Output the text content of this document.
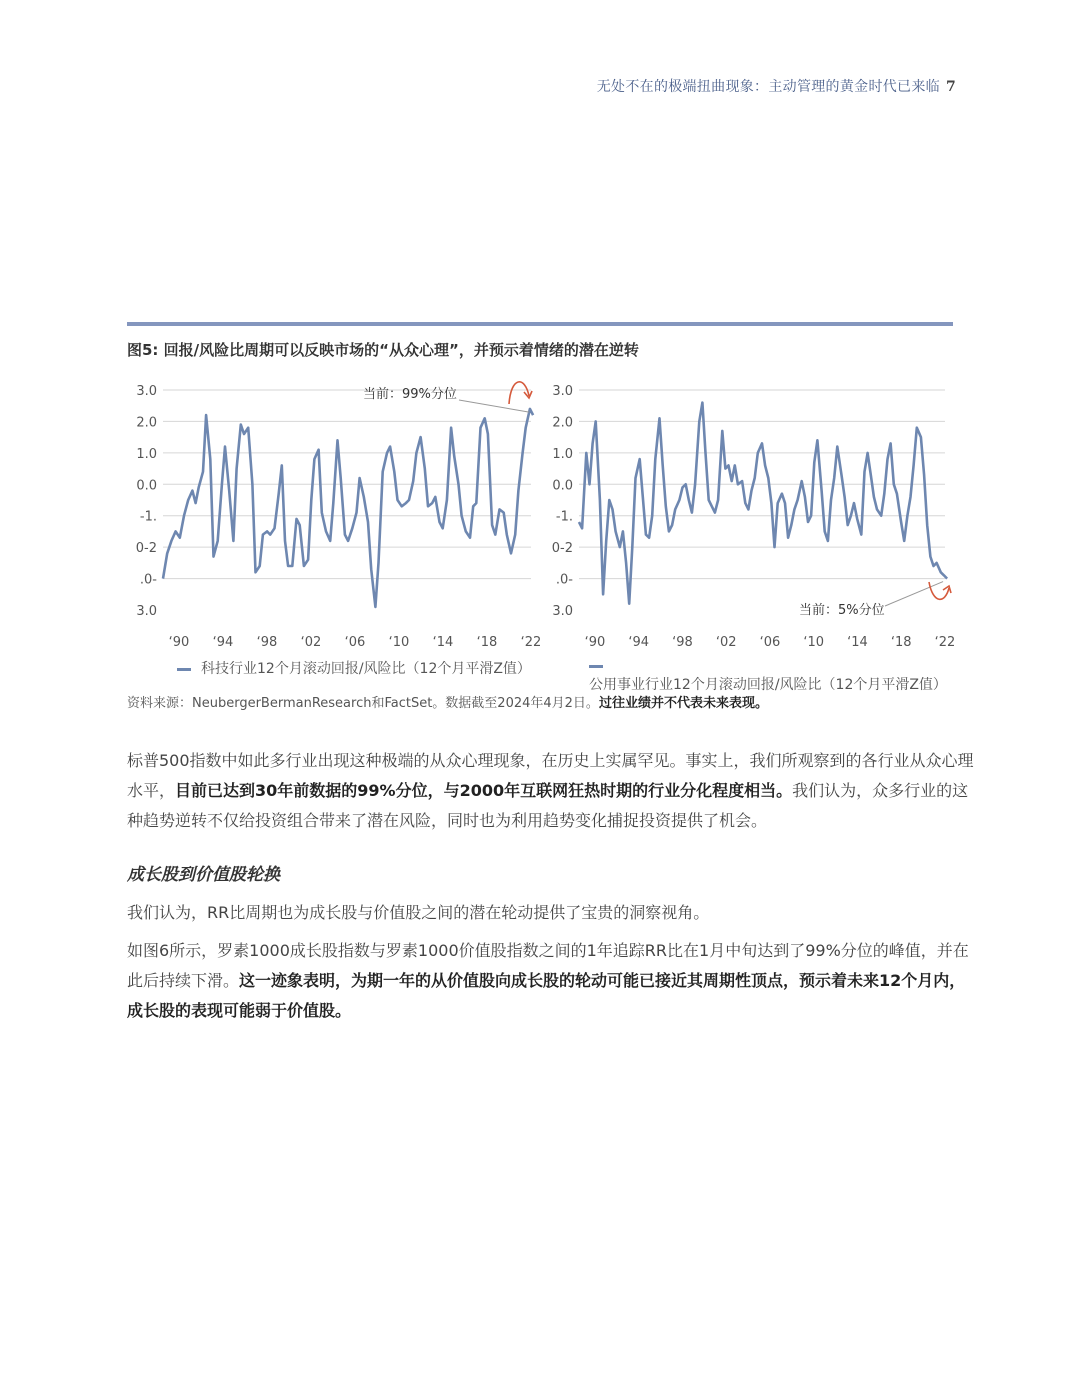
无处不在的极端扭曲现象：主动管理的黄金时代已来临 7
图5: 回报/风险比周期可以反映市场的“从众心理”，并预示着情绪的潜在逆转
3.0
2.0
1.0
0.0
-1.
0-2
.0-
3.0
‘90 ‘94 ‘98 ‘02 ‘06 ‘10 ‘14 ‘18 ‘22
当前：99%分位	3.0
2.0
1.0
0.0
-1.
0-2
.0-
3.0
‘90 ‘94 ‘98 ‘02 ‘06 ‘10 ‘14 ‘18 ‘22
当前：5%分位
科技行业12个月滚动回报/风险比（12个月平滑Z值）
公用事业行业12个月滚动回报/风险比（12个月平滑Z值）
资料来源：NeubergerBermanResearch和FactSet。数据截至2024年4月2日。过往业绩并不代表未来表现。
标普500指数中如此多行业出现这种极端的从众心理现象，在历史上实属罕见。事实上，我们所观察到的各行业从众心理水平，目前已达到30年前数据的99%分位，与2000年互联网狂热时期的行业分化程度相当。我们认为，众多行业的这种趋势逆转不仅给投资组合带来了潜在风险，同时也为利用趋势变化捕捉投资提供了机会。
成长股到价值股轮换
我们认为，RR比周期也为成长股与价值股之间的潜在轮动提供了宝贵的洞察视角。
如图6所示，罗素1000成长股指数与罗素1000价值股指数之间的1年追踪RR比在1月中旬达到了99%分位的峰值，并在此后持续下滑。这一迹象表明，为期一年的从价值股向成长股的轮动可能已接近其周期性顶点，预示着未来12个月内，成长股的表现可能弱于价值股。
